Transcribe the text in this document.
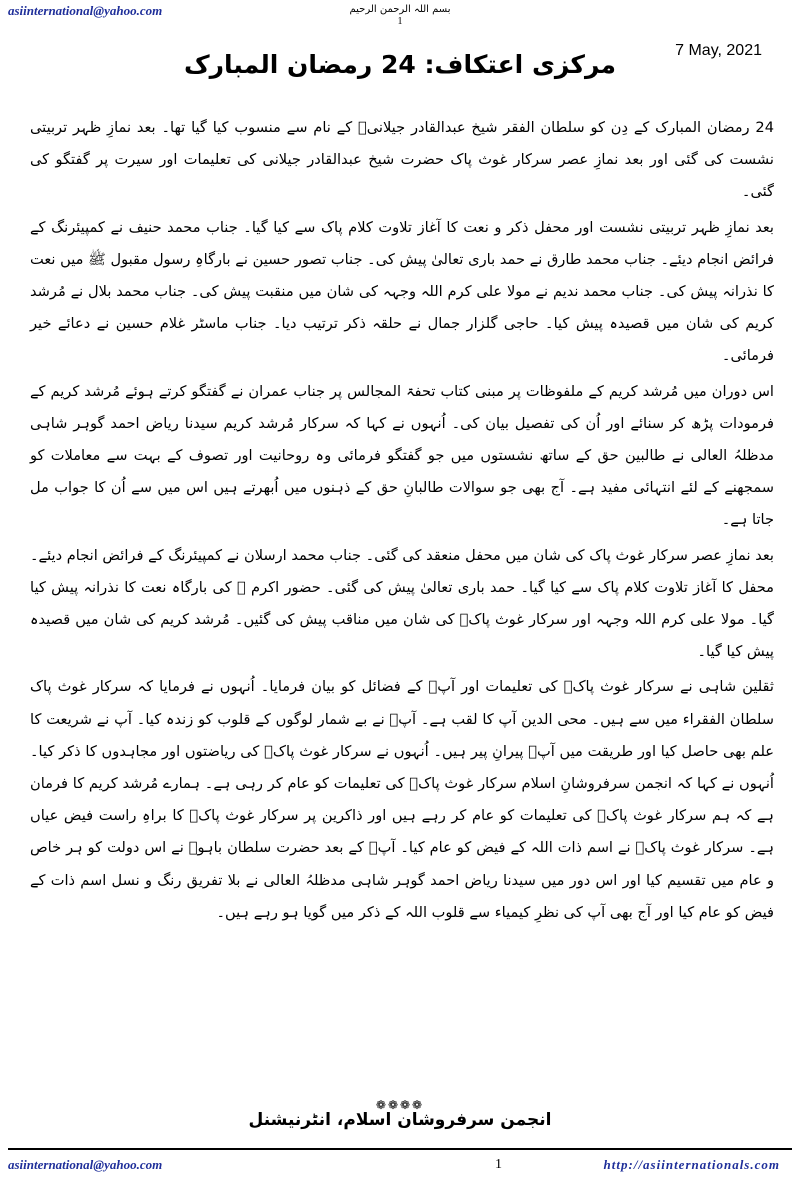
asiinternational@yahoo.com	بسم اللہ الرحمن الرحیم
1
7 May, 2021
مرکزی اعتکاف: 24 رمضان المبارک

24 رمضان المبارک کے دِن کو سلطان الفقر شیخ عبدالقادر جیلانیؒ کے نام سے منسوب کیا گیا تھا۔ بعد نمازِ ظہر تربیتی نشست کی گئی اور بعد نمازِ عصر سرکار غوث پاک حضرت شیخ عبدالقادر جیلانی کی تعلیمات اور سیرت پر گفتگو کی گئی۔

بعد نمازِ ظہر تربیتی نشست اور محفل ذکر و نعت کا آغاز تلاوت کلام پاک سے کیا گیا۔ جناب محمد حنیف نے کمپیئرنگ کے فرائض انجام دیئے۔ جناب محمد طارق نے حمد باری تعالیٰ پیش کی۔ جناب تصور حسین نے بارگاہِ رسول مقبول ﷺ میں نعت کا نذرانہ پیش کی۔ جناب محمد ندیم نے مولا علی کرم اللہ وجہہ کی شان میں منقبت پیش کی۔ جناب محمد بلال نے مُرشد کریم کی شان میں قصیدہ پیش کیا۔ حاجی گلزار جمال نے حلقہ ذکر ترتیب دیا۔ جناب ماسٹر غلام حسین نے دعائے خیر فرمائی۔

اس دوران میں مُرشد کریم کے ملفوظات پر مبنی کتاب تحفۃ المجالس پر جناب عمران نے گفتگو کرتے ہوئے مُرشد کریم کے فرمودات پڑھ کر سنائے اور اُن کی تفصیل بیان کی۔ اُنہوں نے کہا کہ سرکار مُرشد کریم سیدنا ریاض احمد گوہر شاہی مدظلہُ العالی نے طالبین حق کے ساتھ نشستوں میں جو گفتگو فرمائی وہ روحانیت اور تصوف کے بہت سے معاملات کو سمجھنے کے لئے انتہائی مفید ہے۔ آج بھی جو سوالات طالبانِ حق کے ذہنوں میں اُبھرتے ہیں اس میں سے اُن کا جواب مل جاتا ہے۔

بعد نمازِ عصر سرکار غوث پاک کی شان میں محفل منعقد کی گئی۔ جناب محمد ارسلان نے کمپیئرنگ کے فرائض انجام دیئے۔ محفل کا آغاز تلاوت کلام پاک سے کیا گیا۔ حمد باری تعالیٰ پیش کی گئی۔ حضور اکرم ﷺ کی بارگاہ نعت کا نذرانہ پیش کیا گیا۔ مولا علی کرم اللہ وجہہ اور سرکار غوث پاکؒ کی شان میں مناقب پیش کی گئیں۔ مُرشد کریم کی شان میں قصیدہ پیش کیا گیا۔

ثقلین شاہی نے سرکار غوث پاکؒ کی تعلیمات اور آپؒ کے فضائل کو بیان فرمایا۔ اُنہوں نے فرمایا کہ سرکار غوث پاک سلطان الفقراء میں سے ہیں۔ محی الدین آپ کا لقب ہے۔ آپؒ نے بے شمار لوگوں کے قلوب کو زندہ کیا۔ آپ نے شریعت کا علم بھی حاصل کیا اور طریقت میں آپؒ پیرانِ پیر ہیں۔ اُنہوں نے سرکار غوث پاکؒ کی ریاضتوں اور مجاہدوں کا ذکر کیا۔ اُنہوں نے کہا کہ انجمن سرفروشانِ اسلام سرکار غوث پاکؒ کی تعلیمات کو عام کر رہی ہے۔ ہمارے مُرشد کریم کا فرمان ہے کہ ہم سرکار غوث پاکؒ کی تعلیمات کو عام کر رہے ہیں اور ذاکرین پر سرکار غوث پاکؒ کا براہِ راست فیض عیاں ہے۔ سرکار غوث پاکؒ نے اسم ذات اللہ کے فیض کو عام کیا۔ آپؒ کے بعد حضرت سلطان باہوؒ نے اس دولت کو ہر خاص و عام میں تقسیم کیا اور اس دور میں سیدنا ریاض احمد گوہر شاہی مدظلہُ العالی نے بلا تفریق رنگ و نسل اسم ذات کے فیض کو عام کیا اور آج بھی آپ کی نظرِ کیمیاء سے قلوب اللہ کے ذکر میں گویا ہو رہے ہیں۔

❁❁❁❁
انجمن سرفروشان اسلام، انٹرنیشنل
asiinternational@yahoo.com	1	http://asiinternationals.com
